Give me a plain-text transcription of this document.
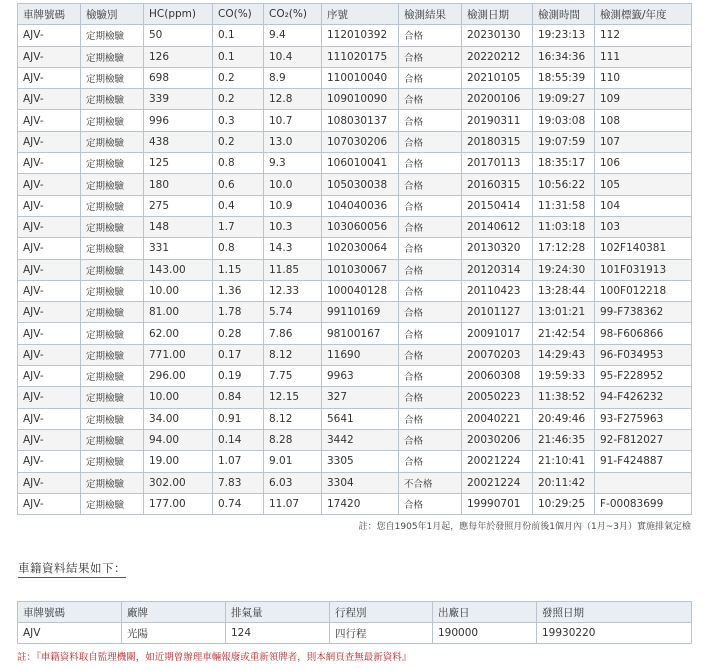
車牌號碼	檢驗別	HC(ppm)	CO(%)	CO₂(%)	序號	檢測結果	檢測日期	檢測時間	檢測標籤/年度
AJV-	定期檢驗	50	0.1	9.4	112010392	合格	20230130	19:23:13	112
AJV-	定期檢驗	126	0.1	10.4	111020175	合格	20220212	16:34:36	111
AJV-	定期檢驗	698	0.2	8.9	110010040	合格	20210105	18:55:39	110
AJV-	定期檢驗	339	0.2	12.8	109010090	合格	20200106	19:09:27	109
AJV-	定期檢驗	996	0.3	10.7	108030137	合格	20190311	19:03:08	108
AJV-	定期檢驗	438	0.2	13.0	107030206	合格	20180315	19:07:59	107
AJV-	定期檢驗	125	0.8	9.3	106010041	合格	20170113	18:35:17	106
AJV-	定期檢驗	180	0.6	10.0	105030038	合格	20160315	10:56:22	105
AJV-	定期檢驗	275	0.4	10.9	104040036	合格	20150414	11:31:58	104
AJV-	定期檢驗	148	1.7	10.3	103060056	合格	20140612	11:03:18	103
AJV-	定期檢驗	331	0.8	14.3	102030064	合格	20130320	17:12:28	102F140381
AJV-	定期檢驗	143.00	1.15	11.85	101030067	合格	20120314	19:24:30	101F031913
AJV-	定期檢驗	10.00	1.36	12.33	100040128	合格	20110423	13:28:44	100F012218
AJV-	定期檢驗	81.00	1.78	5.74	99110169	合格	20101127	13:01:21	99-F738362
AJV-	定期檢驗	62.00	0.28	7.86	98100167	合格	20091017	21:42:54	98-F606866
AJV-	定期檢驗	771.00	0.17	8.12	11690	合格	20070203	14:29:43	96-F034953
AJV-	定期檢驗	296.00	0.19	7.75	9963	合格	20060308	19:59:33	95-F228952
AJV-	定期檢驗	10.00	0.84	12.15	327	合格	20050223	11:38:52	94-F426232
AJV-	定期檢驗	34.00	0.91	8.12	5641	合格	20040221	20:49:46	93-F275963
AJV-	定期檢驗	94.00	0.14	8.28	3442	合格	20030206	21:46:35	92-F812027
AJV-	定期檢驗	19.00	1.07	9.01	3305	合格	20021224	21:10:41	91-F424887
AJV-	定期檢驗	302.00	7.83	6.03	3304	不合格	20021224	20:11:42	
AJV-	定期檢驗	177.00	0.74	11.07	17420	合格	19990701	10:29:25	F-00083699
註：您自1905年1月起，應每年於發照月份前後1個月內（1月~3月）實施排氣定檢
車籍資料結果如下：
車牌號碼	廠牌	排氣量	行程別	出廠日	發照日期
AJV	光陽	124	四行程	190000	19930220
註：『車籍資料取自監理機關，如近期曾辦理車輛報廢或重新領牌者，則本網頁查無最新資料』
